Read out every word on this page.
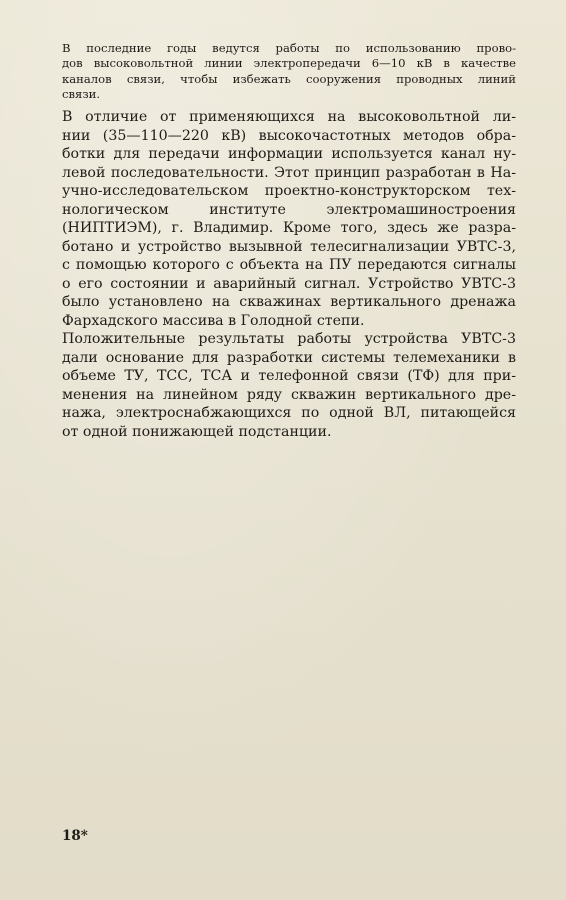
В последние годы ведутся работы по использованию прово-
дов высоковольтной линии электропередачи 6—10 кВ в качестве
каналов связи, чтобы избежать сооружения проводных линий
связи.
В отличие от применяющихся на высоковольтной ли-
нии (35—110—220 кВ) высокочастотных методов обра-
ботки для передачи информации используется канал ну-
левой последовательности. Этот принцип разработан в На-
учно-исследовательском проектно-конструкторском тех-
нологическом институте электромашиностроения
(НИПТИЭМ), г. Владимир. Кроме того, здесь же разра-
ботано и устройство вызывной телесигнализации УВТС-3,
с помощью которого с объекта на ПУ передаются сигналы
о его состоянии и аварийный сигнал. Устройство УВТС-3
было установлено на скважинах вертикального дренажа
Фархадского массива в Голодной степи.
Положительные результаты работы устройства УВТС-3
дали основание для разработки системы телемеханики в
объеме ТУ, ТСС, ТСА и телефонной связи (ТФ) для при-
менения на линейном ряду скважин вертикального дре-
нажа, электроснабжающихся по одной ВЛ, питающейся
от одной понижающей подстанции.
18*
